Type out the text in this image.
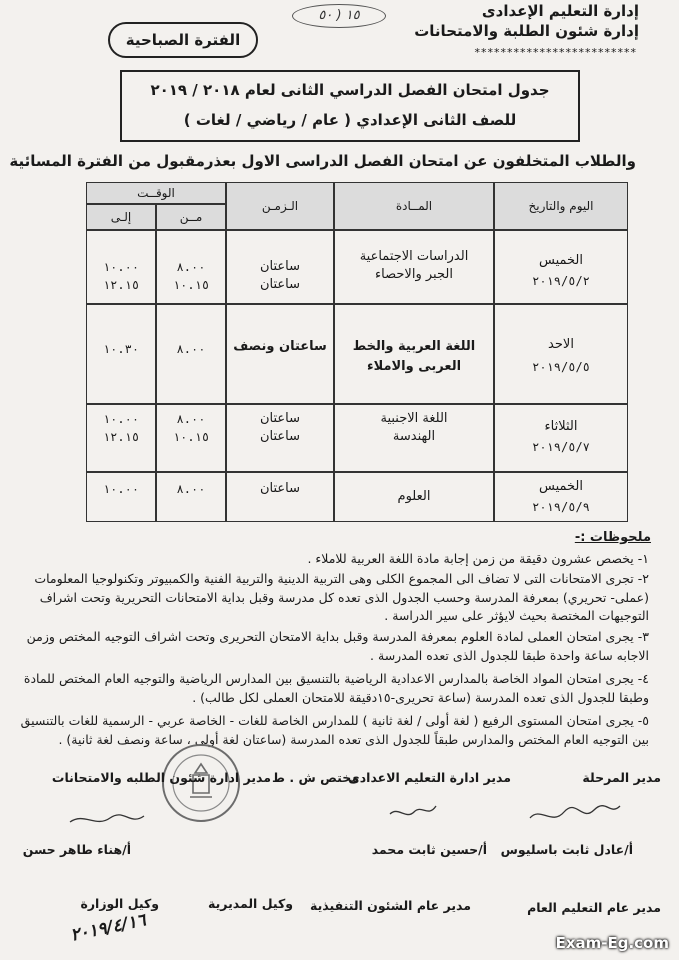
إدارة التعليم الإعدادى
إدارة شئون الطلبة والامتحانات
*************************
الفترة الصباحية
١٥ ( ٥٠
جدول امتحان الفصل الدراسي الثانى لعام ٢٠١٨ / ٢٠١٩
للصف الثانى الإعدادي ( عام / رياضي / لغات )
والطلاب المتخلفون عن امتحان الفصل الدراسى الاول بعذرمقبول من الفترة المسائية
اليوم والتاريخ
المــادة
الـزمـن
الوقــت
مــن
إلـى
الخميس
٢٠١٩/٥/٢
الدراسات الاجتماعية
الجبر والاحصاء
ساعتان
ساعتان
٨.٠٠
١٠.١٥
١٠.٠٠
١٢.١٥
الاحد
٢٠١٩/٥/٥
اللغة العربية والخط
العربى والاملاء
ساعتان ونصف
٨.٠٠
١٠.٣٠
الثلاثاء
٢٠١٩/٥/٧
اللغة الاجنبية
الهندسة
ساعتان
ساعتان
٨.٠٠
١٠.١٥
١٠.٠٠
١٢.١٥
الخميس
٢٠١٩/٥/٩
العلوم
ساعتان
٨.٠٠
١٠.٠٠
ملحوظات :-
١- يخصص عشرون دقيقة من زمن إجابة مادة اللغة العربية للاملاء .
٢- تجرى الامتحانات التى لا تضاف الى المجموع الكلى وهى التربية الدينية والتربية الفنية والكمبيوتر وتكنولوجيا المعلومات (عملى- تحريري) بمعرفة المدرسة وحسب الجدول الذى تعده كل مدرسة وقبل بداية الامتحانات التحريرية وتحت اشراف التوجيهات المختصة بحيث لايؤثر على سير الدراسة .
٣- يجرى امتحان العملى لمادة العلوم بمعرفة المدرسة وقبل بداية الامتحان التحريرى وتحت اشراف التوجيه المختص وزمن الاجابه ساعة واحدة طبقا للجدول الذى تعده المدرسة .
٤- يجرى امتحان المواد الخاصة بالمدارس الاعدادية الرياضية بالتنسيق بين المدارس الرياضية والتوجيه العام المختص للمادة وطبقا للجدول الذى تعده المدرسة (ساعة تحريرى-١٥دقيقة للامتحان العملى لكل طالب) .
٥- يجرى امتحان المستوى الرفيع ( لغة أولى / لغة ثانية ) للمدارس الخاصة للغات - الخاصة عربي - الرسمية للغات بالتنسيق بين التوجيه العام المختص والمدارس طبقاً للجدول الذى تعده المدرسة (ساعتان لغة أولى ، ساعة ونصف لغة ثانية) .
مدير المرحلة
مدير ادارة التعليم الاعدادى
مختص ش . ط
مدير ادارة شئون الطلبه والامتحانات
أ/عادل ثابت باسليوس
أ/حسين ثابت محمد
أ/هناء طاهر حسن
مدير عام التعليم العام
مدير عام الشئون التنفيذية
وكيل المديرية
وكيل الوزارة
٢٠١٩/٤/١٦	Exam-Eg.com
